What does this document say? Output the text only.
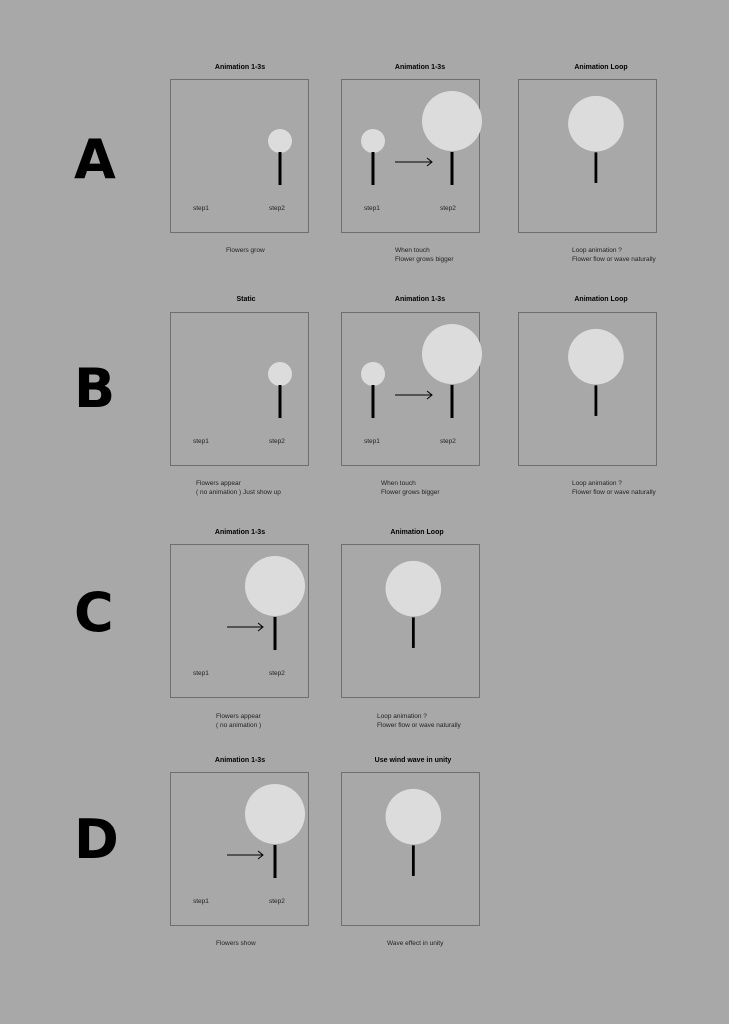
A
Animation 1-3s
step1	step2
Flowers grow
Animation 1-3s
step1	step2
When touch
Flower grows bigger
Animation Loop
Loop animation ?
Flower flow or wave naturally
B
Static
step1	step2
Flowers appear
( no animation ) Just show up
Animation 1-3s
step1	step2
When touch
Flower grows bigger
Animation Loop
Loop animation ?
Flower flow or wave naturally
C
Animation 1-3s
step1	step2
Flowers appear
( no animation )
Animation Loop
Loop animation ?
Flower flow or wave naturally
D
Animation 1-3s
step1	step2
Flowers show
Use wind wave in unity
Wave effect in unity
